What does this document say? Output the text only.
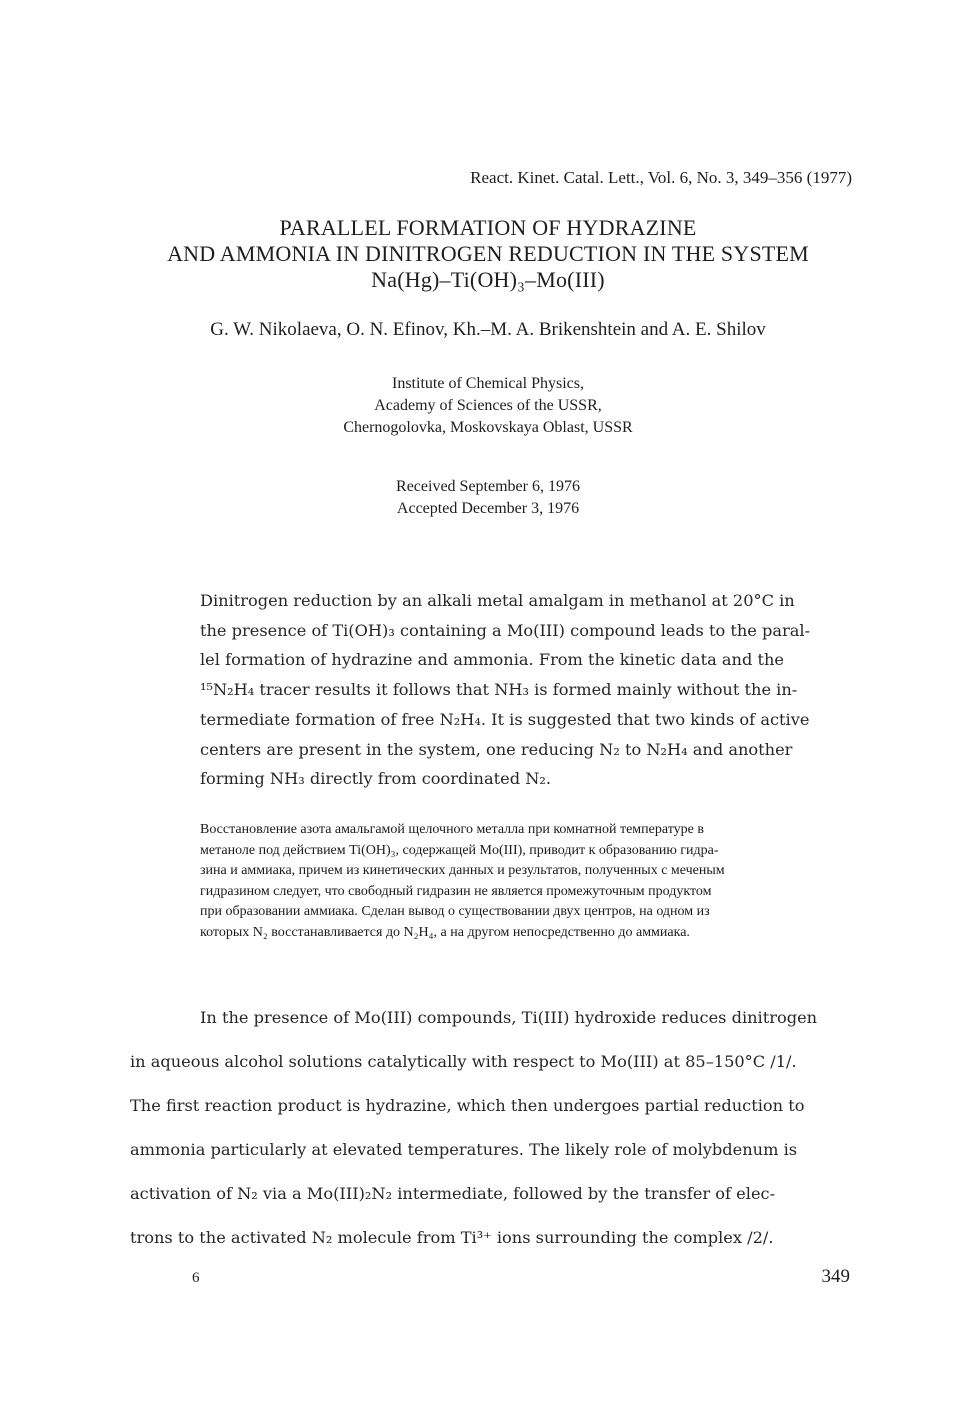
React. Kinet. Catal. Lett., Vol. 6, No. 3, 349–356 (1977)
PARALLEL FORMATION OF HYDRAZINE
AND AMMONIA IN DINITROGEN REDUCTION IN THE SYSTEM
Na(Hg)–Ti(OH)₃–Mo(III)
G. W. Nikolaeva, O. N. Efinov, Kh.–M. A. Brikenshtein and A. E. Shilov
Institute of Chemical Physics,
Academy of Sciences of the USSR,
Chernogolovka, Moskovskaya Oblast, USSR
Received September 6, 1976
Accepted December 3, 1976
Dinitrogen reduction by an alkali metal amalgam in methanol at 20°C in
the presence of Ti(OH)₃ containing a Mo(III) compound leads to the paral-
lel formation of hydrazine and ammonia. From the kinetic data and the
¹⁵N₂H₄ tracer results it follows that NH₃ is formed mainly without the in-
termediate formation of free N₂H₄. It is suggested that two kinds of active
centers are present in the system, one reducing N₂ to N₂H₄ and another
forming NH₃ directly from coordinated N₂.
Восстановление азота амальгамой щелочного металла при комнатной температуре в
метаноле под действием Ti(OH)₃, содержащей Mo(III), приводит к образованию гидра-
зина и аммиака, причем из кинетических данных и результатов, полученных с меченым
гидразином следует, что свободный гидразин не является промежуточным продуктом
при образовании аммиака. Сделан вывод о существовании двух центров, на одном из
которых N₂ восстанавливается до N₂H₄, а на другом непосредственно до аммиака.
In the presence of Mo(III) compounds, Ti(III) hydroxide reduces dinitrogen
in aqueous alcohol solutions catalytically with respect to Mo(III) at 85–150°C /1/.
The first reaction product is hydrazine, which then undergoes partial reduction to
ammonia particularly at elevated temperatures. The likely role of molybdenum is
activation of N₂ via a Mo(III)₂N₂ intermediate, followed by the transfer of elec-
trons to the activated N₂ molecule from Ti³⁺ ions surrounding the complex /2/.
6	349
